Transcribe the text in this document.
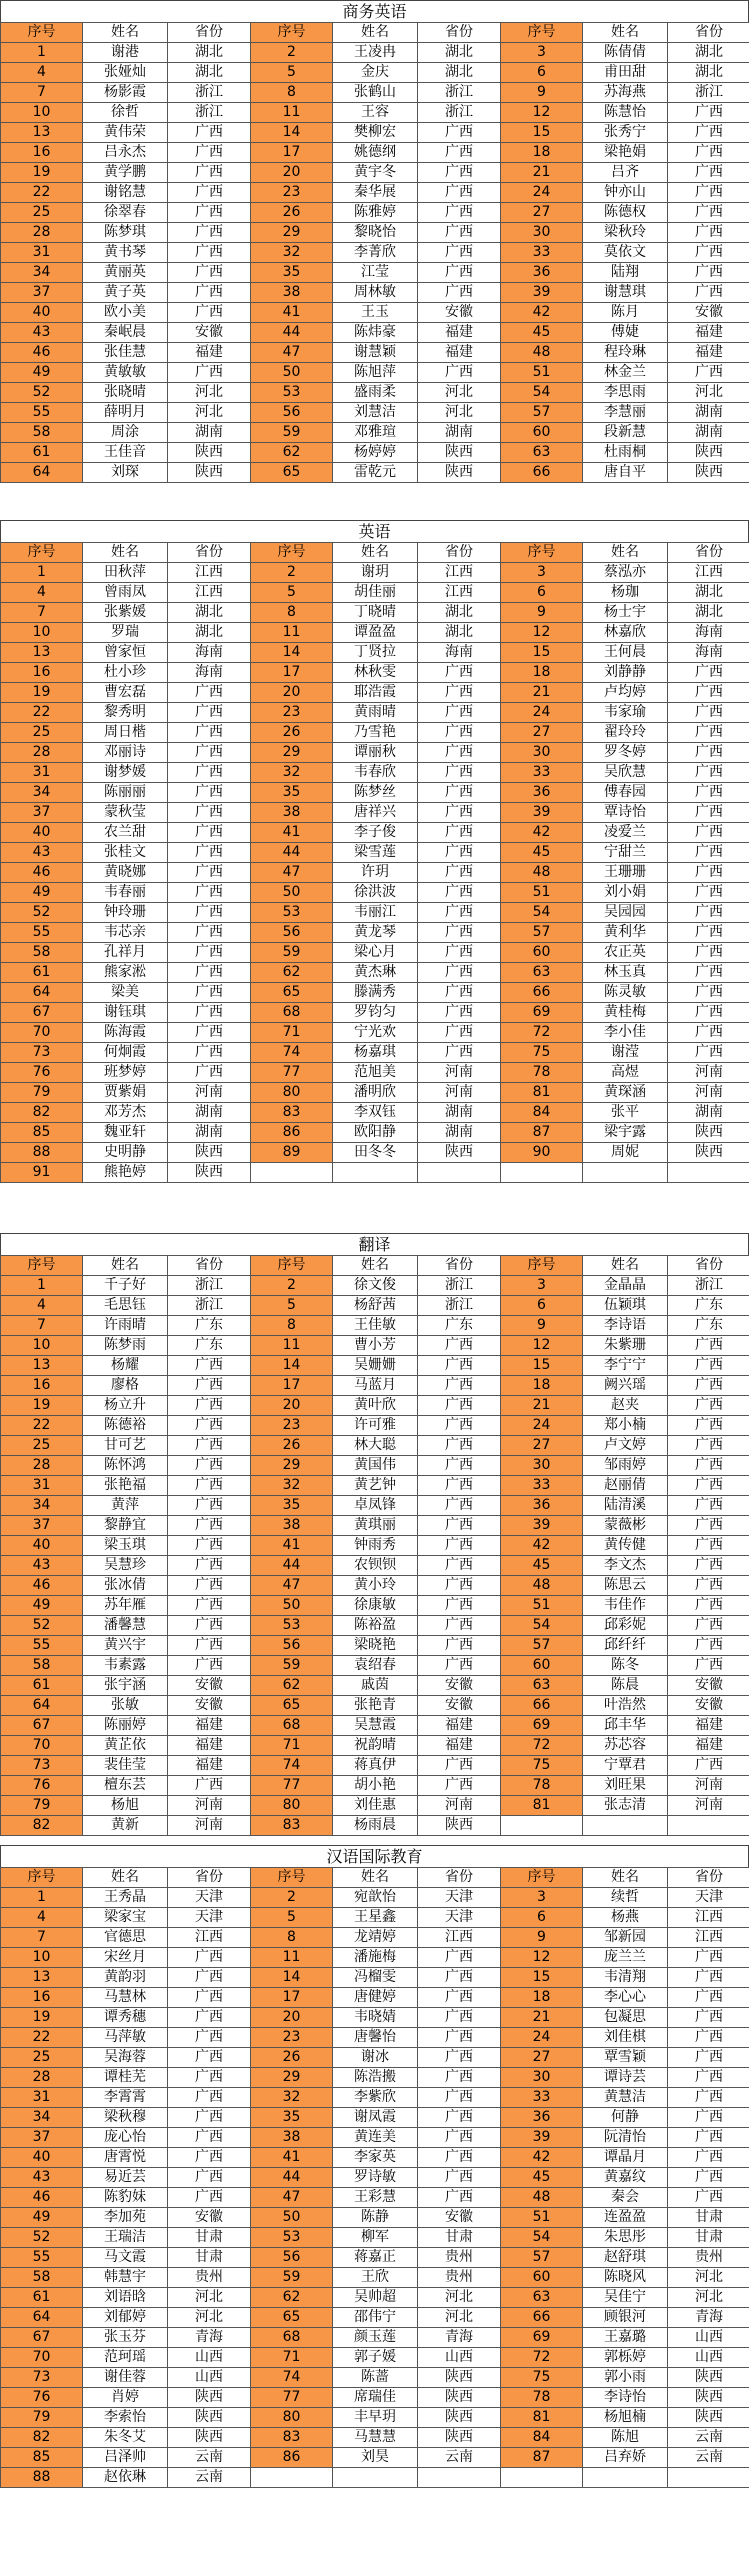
商务英语
序号	姓名	省份	序号	姓名	省份	序号	姓名	省份
1	谢港	湖北	2	王凌冉	湖北	3	陈倩倩	湖北
4	张娅灿	湖北	5	金庆	湖北	6	甫田甜	湖北
7	杨影霞	浙江	8	张鹤山	浙江	9	苏海燕	浙江
10	徐哲	浙江	11	王容	浙江	12	陈慧怡	广西
13	黄伟荣	广西	14	樊柳宏	广西	15	张秀宁	广西
16	吕永杰	广西	17	姚德纲	广西	18	梁艳娟	广西
19	黄学鹏	广西	20	黄宇冬	广西	21	吕齐	广西
22	谢铭慧	广西	23	秦华展	广西	24	钟亦山	广西
25	徐翠春	广西	26	陈雅婷	广西	27	陈德权	广西
28	陈梦琪	广西	29	黎晓怡	广西	30	梁秋玲	广西
31	黄书琴	广西	32	李菁欣	广西	33	莫依文	广西
34	黄丽英	广西	35	江莹	广西	36	陆翔	广西
37	黄子英	广西	38	周林敏	广西	39	谢慧琪	广西
40	欧小美	广西	41	王玉	安徽	42	陈月	安徽
43	秦岷晨	安徽	44	陈炜豪	福建	45	傅婕	福建
46	张佳慧	福建	47	谢慧颖	福建	48	程玲琳	福建
49	黄敏敏	广西	50	陈旭萍	广西	51	林金兰	广西
52	张晓晴	河北	53	盛雨柔	河北	54	李思雨	河北
55	薛明月	河北	56	刘慧洁	河北	57	李慧丽	湖南
58	周涂	湖南	59	邓雅瑄	湖南	60	段新慧	湖南
61	王佳音	陕西	62	杨婷婷	陕西	63	杜雨桐	陕西
64	刘琛	陕西	65	雷乾元	陕西	66	唐自平	陕西
英语
序号	姓名	省份	序号	姓名	省份	序号	姓名	省份
1	田秋萍	江西	2	谢玥	江西	3	蔡泓亦	江西
4	曾雨凤	江西	5	胡佳丽	江西	6	杨珈	湖北
7	张紫媛	湖北	8	丁晓晴	湖北	9	杨士宇	湖北
10	罗瑞	湖北	11	谭盈盈	湖北	12	林嘉欣	海南
13	曾家恒	海南	14	丁贤拉	海南	15	王何晨	海南
16	杜小珍	海南	17	林秋雯	广西	18	刘静静	广西
19	曹宏磊	广西	20	耶浩霞	广西	21	卢均婷	广西
22	黎秀明	广西	23	黄雨晴	广西	24	韦家瑜	广西
25	周日楷	广西	26	乃雪艳	广西	27	翟玲玲	广西
28	邓丽诗	广西	29	谭丽秋	广西	30	罗冬婷	广西
31	谢梦媛	广西	32	韦春欣	广西	33	吴欣慧	广西
34	陈丽丽	广西	35	陈梦丝	广西	36	傅春园	广西
37	蒙秋莹	广西	38	唐祥兴	广西	39	覃诗怡	广西
40	农兰甜	广西	41	李子俊	广西	42	凌爱兰	广西
43	张桂文	广西	44	梁雪莲	广西	45	宁甜兰	广西
46	黄晓娜	广西	47	许玥	广西	48	王珊珊	广西
49	韦春丽	广西	50	徐洪波	广西	51	刘小娟	广西
52	钟玲珊	广西	53	韦丽江	广西	54	吴园园	广西
55	韦芯亲	广西	56	黄龙琴	广西	57	黄利华	广西
58	孔祥月	广西	59	梁心月	广西	60	农正英	广西
61	熊家淞	广西	62	黄杰琳	广西	63	林玉真	广西
64	梁美	广西	65	滕满秀	广西	66	陈灵敏	广西
67	谢钰琪	广西	68	罗钧匀	广西	69	黄桂梅	广西
70	陈海霞	广西	71	宁光欢	广西	72	李小佳	广西
73	何炯霞	广西	74	杨嘉琪	广西	75	谢滢	广西
76	班梦婷	广西	77	范旭美	河南	78	高煜	河南
79	贾紫娟	河南	80	潘明欣	河南	81	黄琛涵	河南
82	邓芳杰	湖南	83	李双钰	湖南	84	张平	湖南
85	魏亚轩	湖南	86	欧阳静	湖南	87	梁宇露	陕西
88	史明静	陕西	89	田冬冬	陕西	90	周妮	陕西
91	熊艳婷	陕西						
翻译
序号	姓名	省份	序号	姓名	省份	序号	姓名	省份
1	千子好	浙江	2	徐文俊	浙江	3	金晶晶	浙江
4	毛思钰	浙江	5	杨舒茜	浙江	6	伍颖琪	广东
7	许雨晴	广东	8	王佳敏	广东	9	李诗语	广东
10	陈梦雨	广东	11	曹小芳	广西	12	朱紫珊	广西
13	杨耀	广西	14	吴姗姗	广西	15	李宁宁	广西
16	廖格	广西	17	马蓝月	广西	18	阙兴瑶	广西
19	杨立升	广西	20	黄叶欣	广西	21	赵夹	广西
22	陈德裕	广西	23	许可雅	广西	24	郑小楠	广西
25	甘可艺	广西	26	林大聪	广西	27	卢文婷	广西
28	陈怀鸿	广西	29	黄国伟	广西	30	邹雨婷	广西
31	张艳福	广西	32	黄艺钟	广西	33	赵丽倩	广西
34	黄萍	广西	35	卓凤锋	广西	36	陆清溪	广西
37	黎静宜	广西	38	黄琪丽	广西	39	蒙薇彬	广西
40	梁玉琪	广西	41	钟雨秀	广西	42	黄传健	广西
43	吴慧珍	广西	44	农钡钡	广西	45	李文杰	广西
46	张冰倩	广西	47	黄小玲	广西	48	陈思云	广西
49	苏年雁	广西	50	徐康敏	广西	51	韦佳作	广西
52	潘馨慧	广西	53	陈裕盈	广西	54	邱彩妮	广西
55	黄兴宇	广西	56	梁晓艳	广西	57	邱纤纤	广西
58	韦素露	广西	59	袁绍春	广西	60	陈冬	广西
61	张宇涵	安徽	62	戚茵	安徽	63	陈晨	安徽
64	张敏	安徽	65	张艳青	安徽	66	叶浩然	安徽
67	陈丽婷	福建	68	吴慧霞	福建	69	邱丰华	福建
70	黄芷依	福建	71	祝韵晴	福建	72	苏芯容	福建
73	裴佳莹	福建	74	蒋真伊	广西	75	宁覃君	广西
76	檀东芸	广西	77	胡小艳	广西	78	刘旺果	河南
79	杨旭	河南	80	刘佳惠	河南	81	张志清	河南
82	黄新	河南	83	杨雨晨	陕西			
汉语国际教育
序号	姓名	省份	序号	姓名	省份	序号	姓名	省份
1	王秀晶	天津	2	宛歆怡	天津	3	续哲	天津
4	梁家宝	天津	5	王星鑫	天津	6	杨燕	江西
7	官德思	江西	8	龙靖婷	江西	9	邹新园	江西
10	宋丝月	广西	11	潘施梅	广西	12	庞兰兰	广西
13	黄韵羽	广西	14	冯榴雯	广西	15	韦清翔	广西
16	马慧林	广西	17	唐健婷	广西	18	李心心	广西
19	谭秀穗	广西	20	韦晓婧	广西	21	包凝思	广西
22	马萍敏	广西	23	唐馨怡	广西	24	刘佳棋	广西
25	吴海蓉	广西	26	谢冰	广西	27	覃雪颖	广西
28	谭桂芜	广西	29	陈浩搬	广西	30	谭诗芸	广西
31	李霄霄	广西	32	李紫欣	广西	33	黄慧洁	广西
34	梁秋穆	广西	35	谢凤霞	广西	36	何静	广西
37	庞心怡	广西	38	黄连美	广西	39	阮清怡	广西
40	唐霄悦	广西	41	李家英	广西	42	谭晶月	广西
43	易近芸	广西	44	罗诗敏	广西	45	黄嘉纹	广西
46	陈豹妹	广西	47	王彩慧	广西	48	秦会	广西
49	李加苑	安徽	50	陈静	安徽	51	连盈盈	甘肃
52	王瑞洁	甘肃	53	柳军	甘肃	54	朱思彤	甘肃
55	马文霞	甘肃	56	蒋嘉正	贵州	57	赵舒琪	贵州
58	韩慧宇	贵州	59	王欣	贵州	60	陈晓风	河北
61	刘语晗	河北	62	吴帅超	河北	63	吴佳宁	河北
64	刘郁婷	河北	65	邵伟宁	河北	66	顾银河	青海
67	张玉芬	青海	68	颜玉莲	青海	69	王嘉璐	山西
70	范珂瑶	山西	71	郭子媛	山西	72	郭栎婷	山西
73	谢佳蓉	山西	74	陈蔷	陕西	75	郭小雨	陕西
76	肖婷	陕西	77	席瑞佳	陕西	78	李诗怡	陕西
79	李索怡	陕西	80	丰早玥	陕西	81	杨旭楠	陕西
82	朱冬艾	陕西	83	马慧慧	陕西	84	陈旭	云南
85	吕泽帅	云南	86	刘昊	云南	87	吕弃娇	云南
88	赵依琳	云南						
